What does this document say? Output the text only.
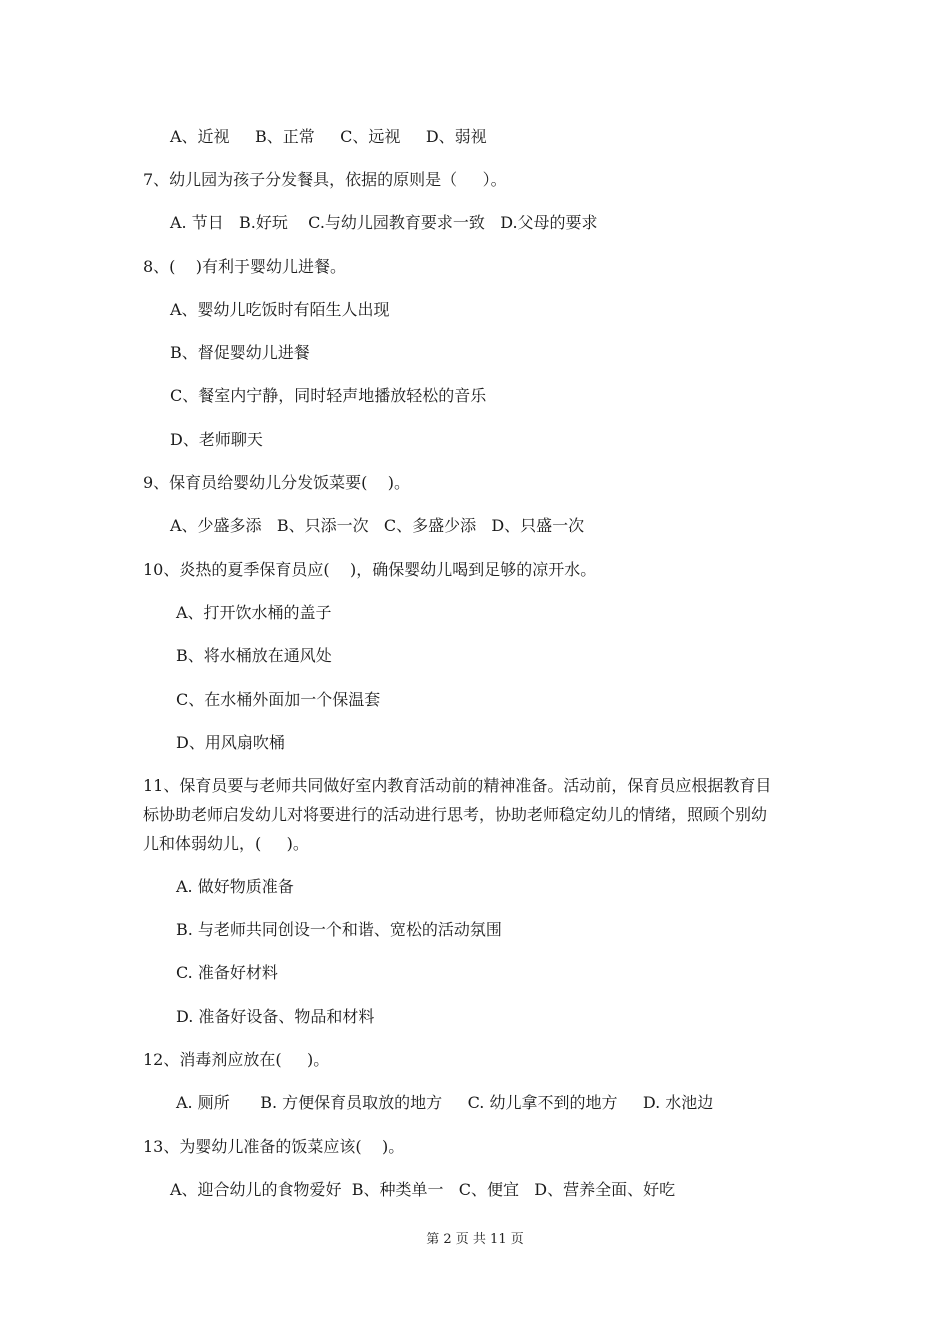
A、近视     B、正常     C、远视     D、弱视
7、幼儿园为孩子分发餐具，依据的原则是（     ）。
A. 节日   B.好玩    C.与幼儿园教育要求一致   D.父母的要求
8、(    )有利于婴幼儿进餐。
A、婴幼儿吃饭时有陌生人出现
B、督促婴幼儿进餐
C、餐室内宁静，同时轻声地播放轻松的音乐
D、老师聊天
9、保育员给婴幼儿分发饭菜要(    )。
A、少盛多添   B、只添一次   C、多盛少添   D、只盛一次
10、炎热的夏季保育员应(    )，确保婴幼儿喝到足够的凉开水。
A、打开饮水桶的盖子
B、将水桶放在通风处
C、在水桶外面加一个保温套
D、用风扇吹桶
11、保育员要与老师共同做好室内教育活动前的精神准备。活动前，保育员应根据教育目
标协助老师启发幼儿对将要进行的活动进行思考，协助老师稳定幼儿的情绪，照顾个别幼
儿和体弱幼儿，(     )。
A. 做好物质准备
B. 与老师共同创设一个和谐、宽松的活动氛围
C. 准备好材料
D. 准备好设备、物品和材料
12、消毒剂应放在(     )。
A. 厕所      B. 方便保育员取放的地方     C. 幼儿拿不到的地方     D. 水池边
13、为婴幼儿准备的饭菜应该(    )。
A、迎合幼儿的食物爱好  B、种类单一   C、便宜   D、营养全面、好吃
第 2 页 共 11 页
